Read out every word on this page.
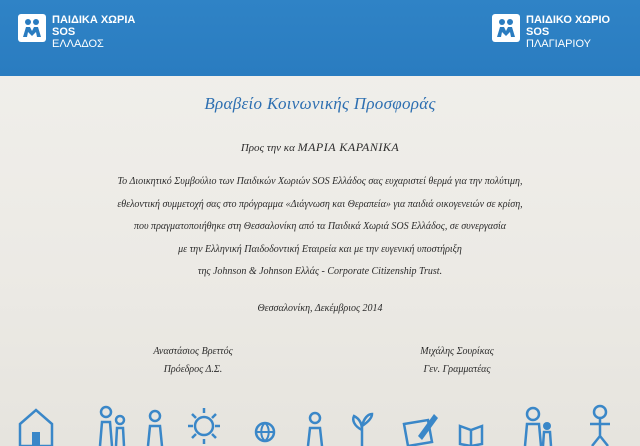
ΠΑΙΔΙΚΑ ΧΩΡΙΑ
SOS
ΕΛΛΑΔΟΣ
ΠΑΙΔΙΚΟ ΧΩΡΙΟ
SOS
ΠΛΑΓΙΑΡΙΟΥ
Βραβείο Κοινωνικής Προσφοράς
Προς την κα ΜΑΡΙΑ ΚΑΡΑΝΙΚΑ
Το Διοικητικό Συμβούλιο των Παιδικών Χωριών SOS Ελλάδος σας ευχαριστεί θερμά για την πολύτιμη,
εθελοντική συμμετοχή σας στο πρόγραμμα «Διάγνωση και Θεραπεία» για παιδιά οικογενειών σε κρίση,
που πραγματοποιήθηκε στη Θεσσαλονίκη από τα Παιδικά Χωριά SOS Ελλάδος, σε συνεργασία
με την Ελληνική Παιδοδοντική Εταιρεία και με την ευγενική υποστήριξη
της Johnson & Johnson Ελλάς - Corporate Citizenship Trust.
Θεσσαλονίκη, Δεκέμβριος 2014
Αναστάσιος Βρεττός
Πρόεδρος Δ.Σ.
Μιχάλης Σουρίκας
Γεν. Γραμματέας
